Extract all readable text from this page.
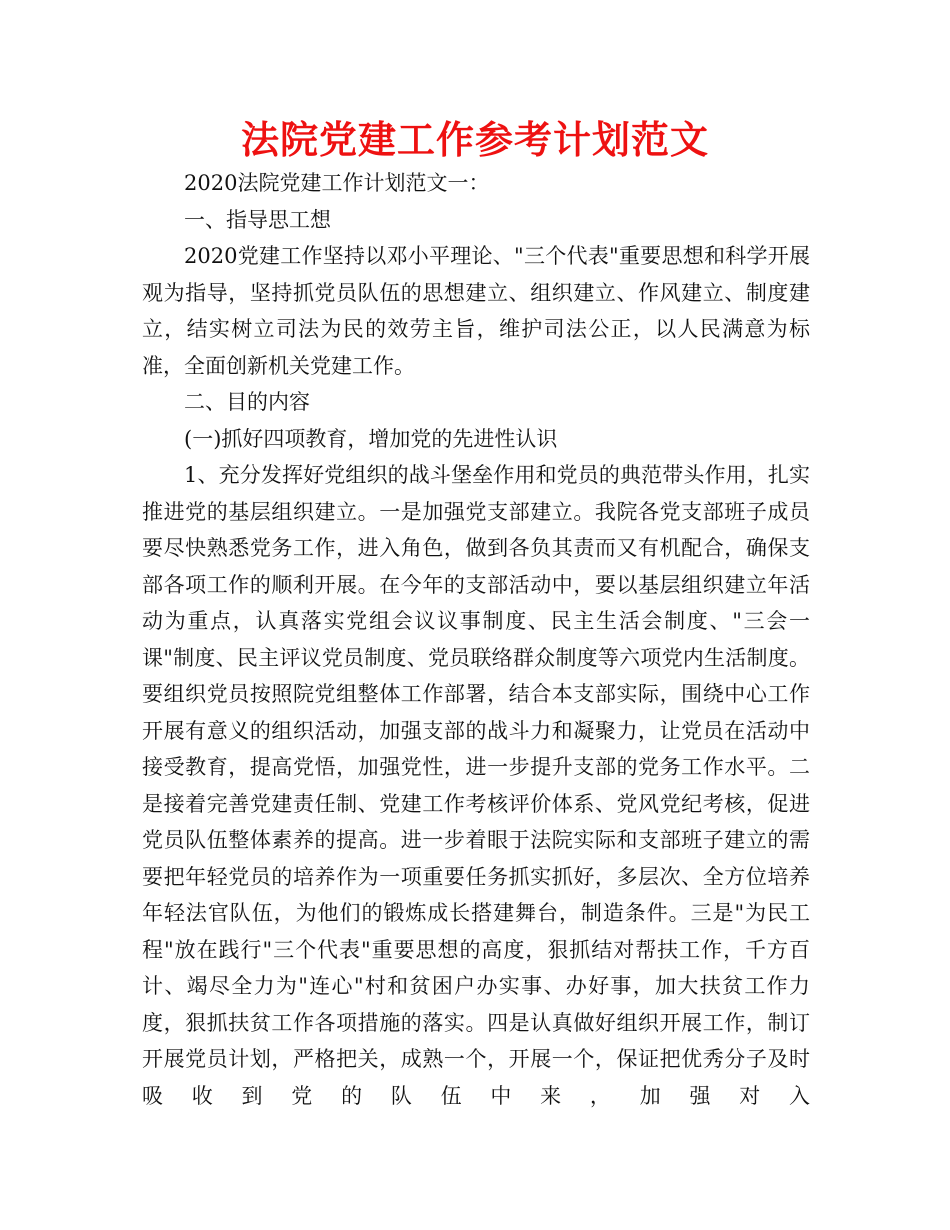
法院党建工作参考计划范文

2020法院党建工作计划范文一：

一、指导思工想

2020党建工作坚持以邓小平理论、"三个代表"重要思想和科学开展观为指导，坚持抓党员队伍的思想建立、组织建立、作风建立、制度建立，结实树立司法为民的效劳主旨，维护司法公正，以人民满意为标准，全面创新机关党建工作。

二、目的内容

(一)抓好四项教育，增加党的先进性认识

1、充分发挥好党组织的战斗堡垒作用和党员的典范带头作用，扎实推进党的基层组织建立。一是加强党支部建立。我院各党支部班子成员要尽快熟悉党务工作，进入角色，做到各负其责而又有机配合，确保支部各项工作的顺利开展。在今年的支部活动中，要以基层组织建立年活动为重点，认真落实党组会议议事制度、民主生活会制度、"三会一课"制度、民主评议党员制度、党员联络群众制度等六项党内生活制度。要组织党员按照院党组整体工作部署，结合本支部实际，围绕中心工作开展有意义的组织活动，加强支部的战斗力和凝聚力，让党员在活动中接受教育，提高党悟，加强党性，进一步提升支部的党务工作水平。二是接着完善党建责任制、党建工作考核评价体系、党风党纪考核，促进党员队伍整体素养的提高。进一步着眼于法院实际和支部班子建立的需要把年轻党员的培养作为一项重要任务抓实抓好，多层次、全方位培养年轻法官队伍，为他们的锻炼成长搭建舞台，制造条件。三是"为民工程"放在践行"三个代表"重要思想的高度，狠抓结对帮扶工作，千方百计、竭尽全力为"连心"村和贫困户办实事、办好事，加大扶贫工作力度，狠抓扶贫工作各项措施的落实。四是认真做好组织开展工作，制订开展党员计划，严格把关，成熟一个，开展一个，保证把优秀分子及时吸收到党的队伍中来，加强对入
